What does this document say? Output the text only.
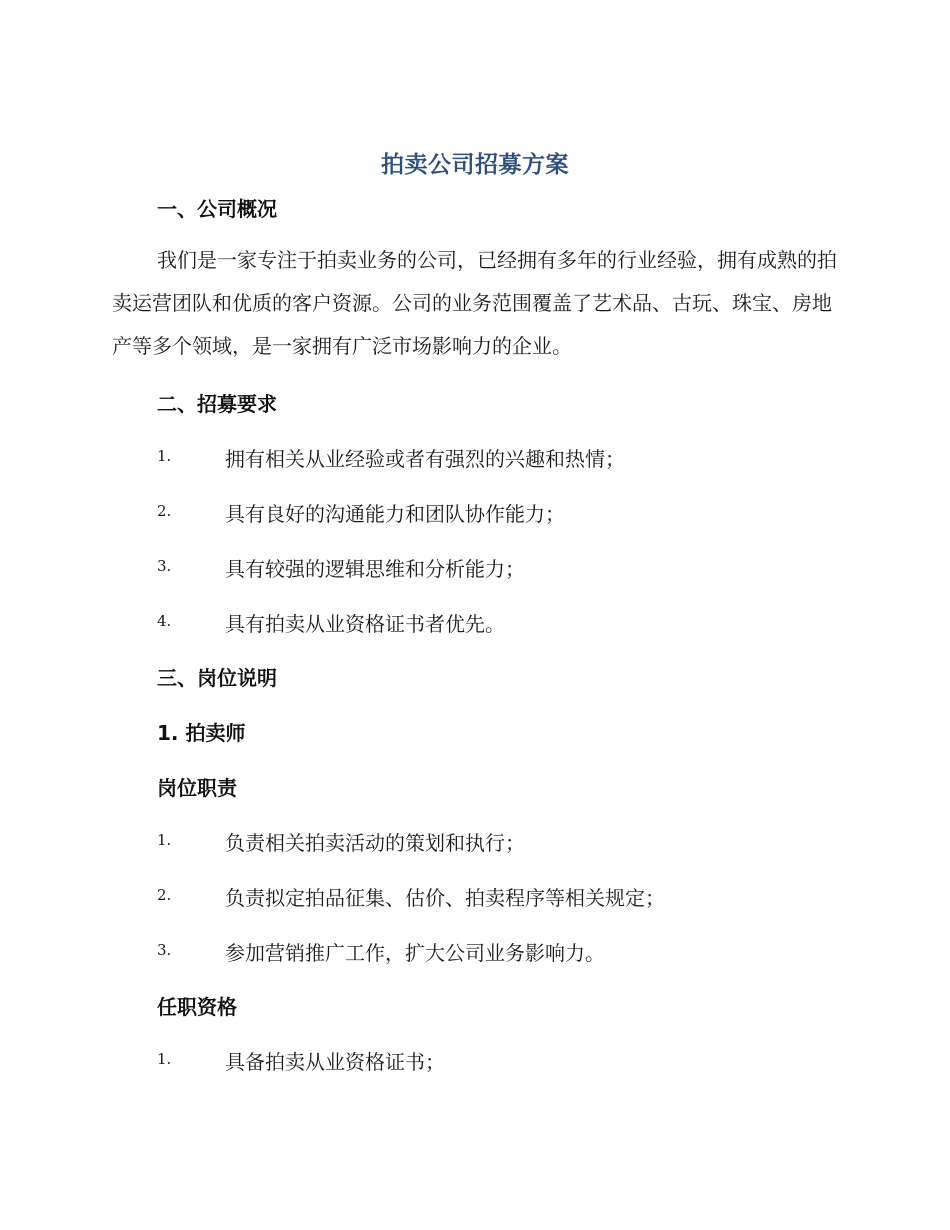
拍卖公司招募方案
一、公司概况
我们是一家专注于拍卖业务的公司，已经拥有多年的行业经验，拥有成熟的拍卖运营团队和优质的客户资源。公司的业务范围覆盖了艺术品、古玩、珠宝、房地产等多个领域，是一家拥有广泛市场影响力的企业。
二、招募要求
1.	拥有相关从业经验或者有强烈的兴趣和热情；
2.	具有良好的沟通能力和团队协作能力；
3.	具有较强的逻辑思维和分析能力；
4.	具有拍卖从业资格证书者优先。
三、岗位说明
1. 拍卖师
岗位职责
1.	负责相关拍卖活动的策划和执行；
2.	负责拟定拍品征集、估价、拍卖程序等相关规定；
3.	参加营销推广工作，扩大公司业务影响力。
任职资格
1.	具备拍卖从业资格证书；
